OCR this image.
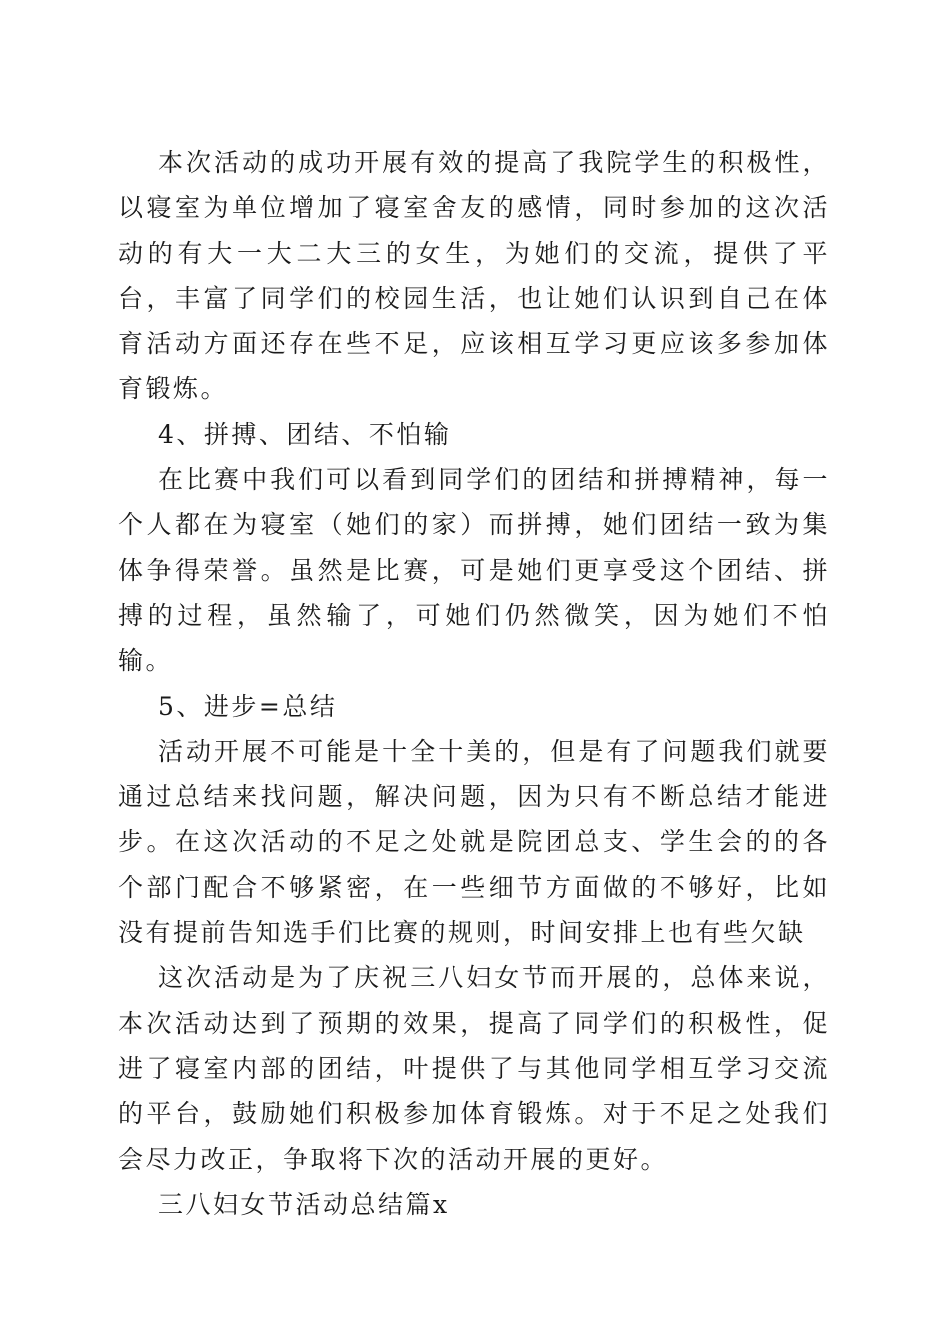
本次活动的成功开展有效的提高了我院学生的积极性，以寝室为单位增加了寝室舍友的感情，同时参加的这次活动的有大一大二大三的女生，为她们的交流，提供了平台，丰富了同学们的校园生活，也让她们认识到自己在体育活动方面还存在些不足，应该相互学习更应该多参加体育锻炼。

4、拼搏、团结、不怕输

在比赛中我们可以看到同学们的团结和拼搏精神，每一个人都在为寝室（她们的家）而拼搏，她们团结一致为集体争得荣誉。虽然是比赛，可是她们更享受这个团结、拼搏的过程，虽然输了，可她们仍然微笑，因为她们不怕输。

5、进步=总结

活动开展不可能是十全十美的，但是有了问题我们就要通过总结来找问题，解决问题，因为只有不断总结才能进步。在这次活动的不足之处就是院团总支、学生会的的各个部门配合不够紧密，在一些细节方面做的不够好，比如没有提前告知选手们比赛的规则，时间安排上也有些欠缺

这次活动是为了庆祝三八妇女节而开展的，总体来说，本次活动达到了预期的效果，提高了同学们的积极性，促进了寝室内部的团结，叶提供了与其他同学相互学习交流的平台，鼓励她们积极参加体育锻炼。对于不足之处我们会尽力改正，争取将下次的活动开展的更好。

三八妇女节活动总结篇x
